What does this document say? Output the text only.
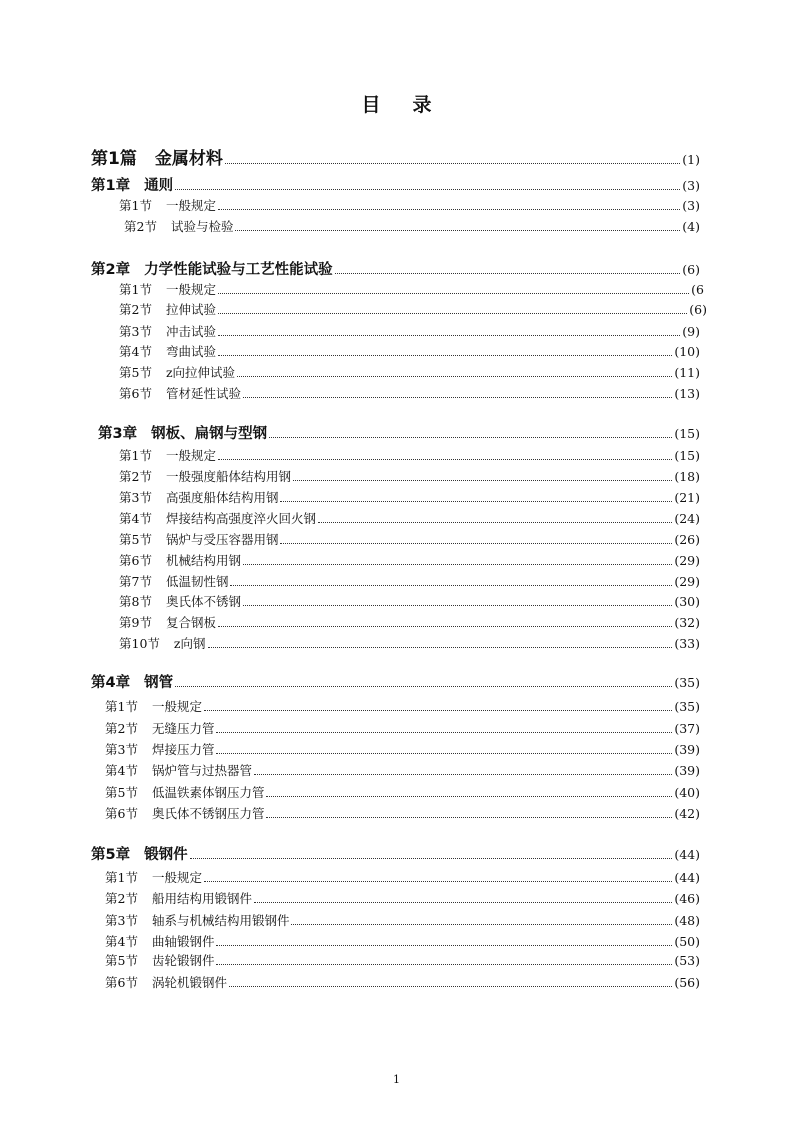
目 录
第1篇 金属材料	(1)
第1章 通则	(3)
第1节 一般规定	(3)
第2节 试验与检验	(4)
第2章 力学性能试验与工艺性能试验	(6)
第1节 一般规定	(6
第2节 拉伸试验	(6)
第3节 冲击试验	(9)
第4节 弯曲试验	(10)
第5节 z向拉伸试验	(11)
第6节 管材延性试验	(13)
第3章 钢板、扁钢与型钢	(15)
第1节 一般规定	(15)
第2节 一般强度船体结构用钢	(18)
第3节 高强度船体结构用钢	(21)
第4节 焊接结构高强度淬火回火钢	(24)
第5节 锅炉与受压容器用钢	(26)
第6节 机械结构用钢	(29)
第7节 低温韧性钢	(29)
第8节 奥氏体不锈钢	(30)
第9节 复合钢板	(32)
第10节 z向钢	(33)
第4章 钢管	(35)
第1节 一般规定	(35)
第2节 无缝压力管	(37)
第3节 焊接压力管	(39)
第4节 锅炉管与过热器管	(39)
第5节 低温铁素体钢压力管	(40)
第6节 奥氏体不锈钢压力管	(42)
第5章 锻钢件	(44)
第1节 一般规定	(44)
第2节 船用结构用锻钢件	(46)
第3节 轴系与机械结构用锻钢件	(48)
第4节 曲轴锻钢件	(50)
第5节 齿轮锻钢件	(53)
第6节 涡轮机锻钢件	(56)
1
